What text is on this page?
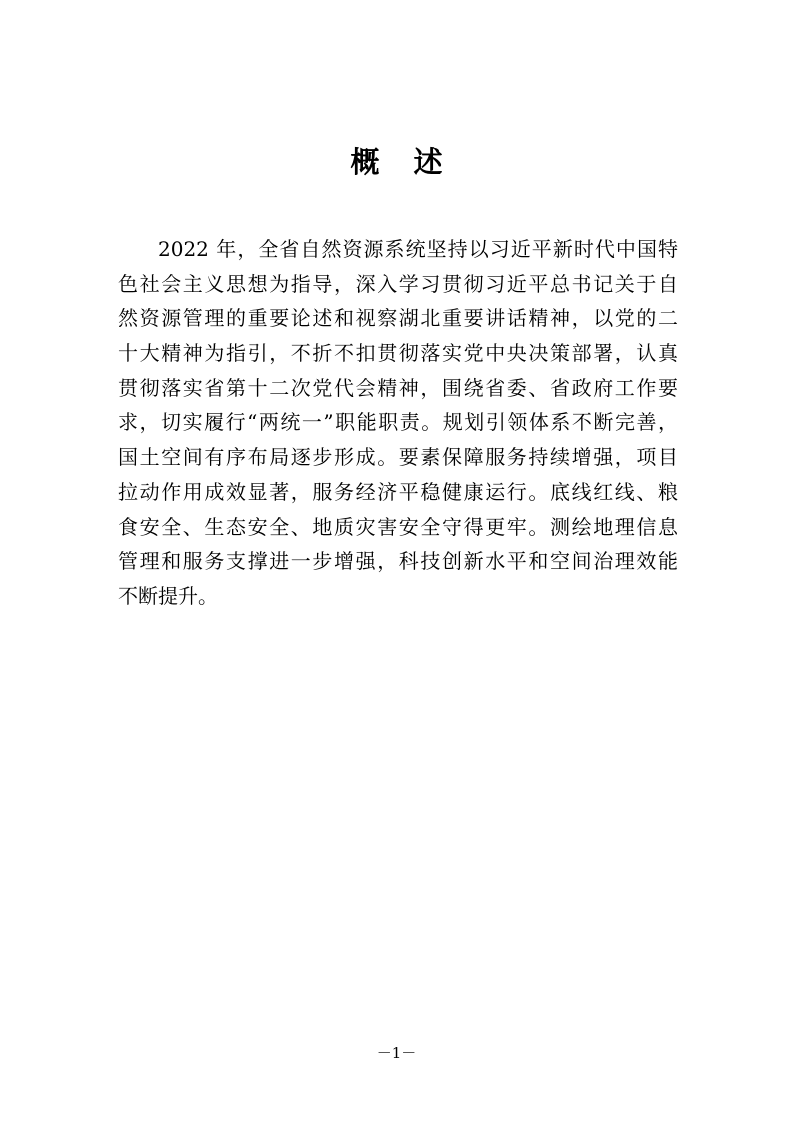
概述
2022 年，全省自然资源系统坚持以习近平新时代中国特
色社会主义思想为指导，深入学习贯彻习近平总书记关于自
然资源管理的重要论述和视察湖北重要讲话精神，以党的二
十大精神为指引，不折不扣贯彻落实党中央决策部署，认真
贯彻落实省第十二次党代会精神，围绕省委、省政府工作要
求，切实履行“两统一”职能职责。规划引领体系不断完善，
国土空间有序布局逐步形成。要素保障服务持续增强，项目
拉动作用成效显著，服务经济平稳健康运行。底线红线、粮
食安全、生态安全、地质灾害安全守得更牢。测绘地理信息
管理和服务支撑进一步增强，科技创新水平和空间治理效能
不断提升。
－1－
